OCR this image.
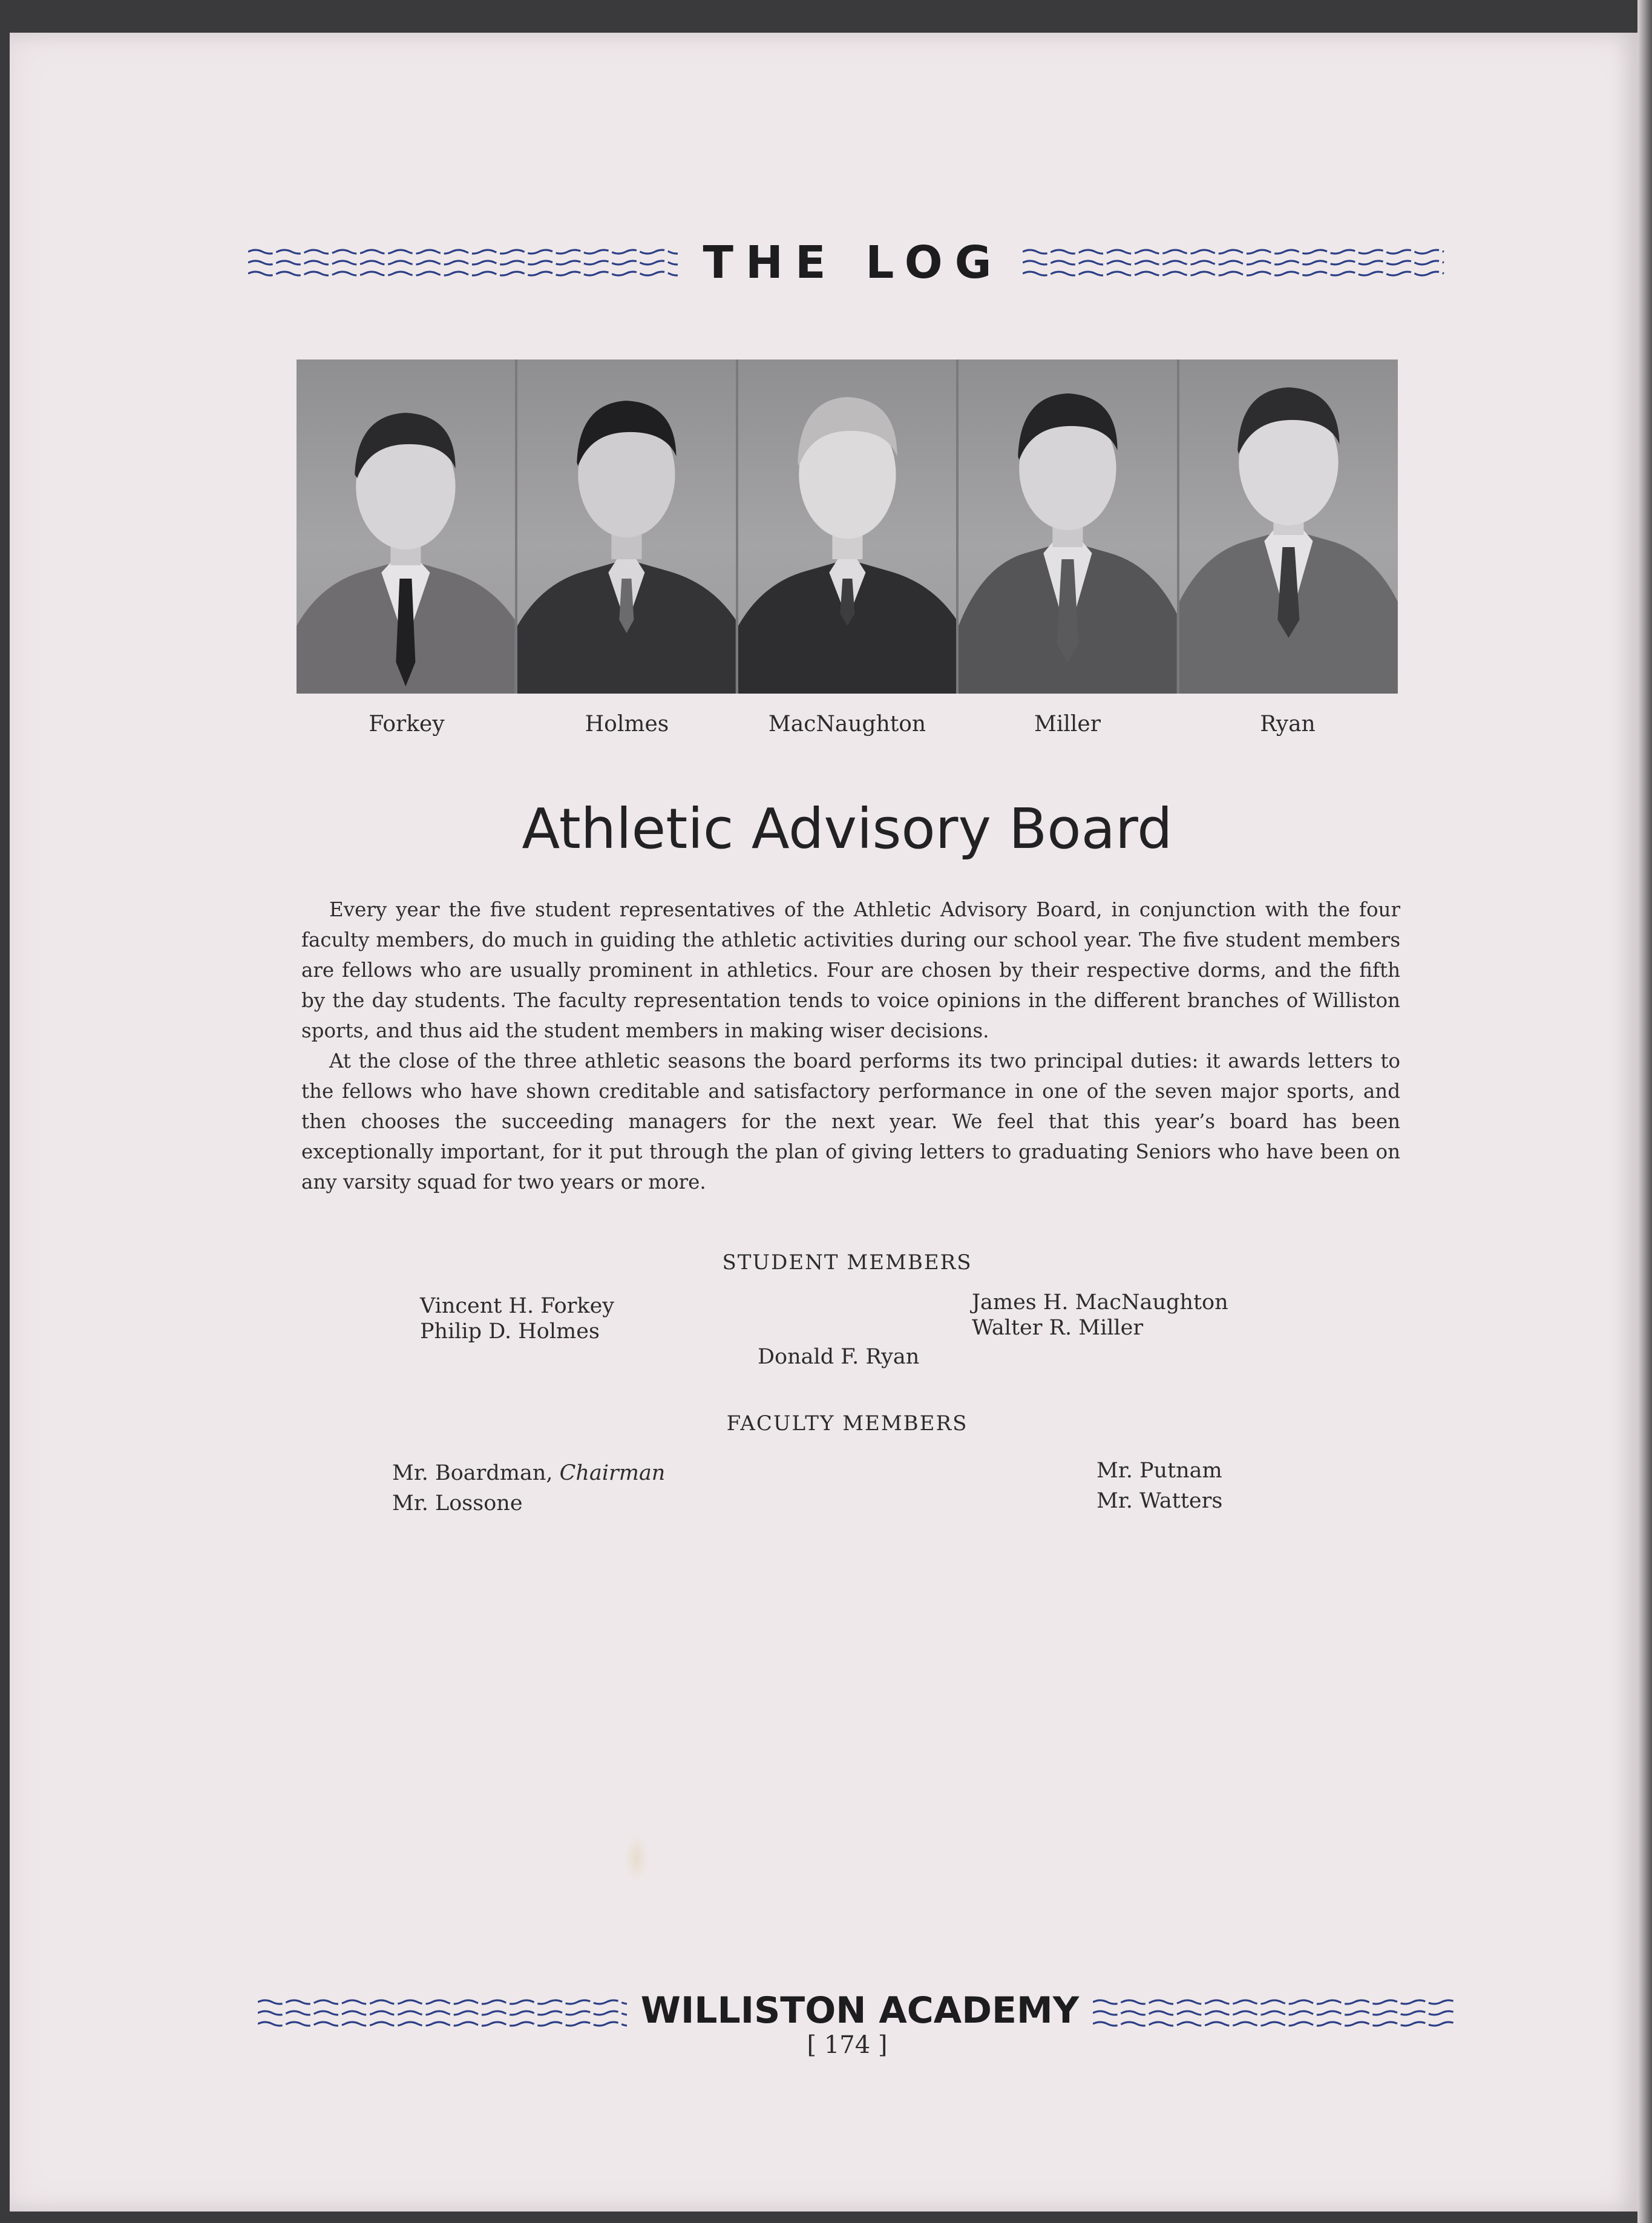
THE LOG
Forkey	Holmes	MacNaughton	Miller	Ryan
Athletic Advisory Board

Every year the five student representatives of the Athletic Advisory Board, in conjunction with the four faculty members, do much in guiding the athletic activities during our school year. The five student members are fellows who are usually prominent in athletics. Four are chosen by their respective dorms, and the fifth by the day students. The faculty representation tends to voice opinions in the different branches of Williston sports, and thus aid the student members in making wiser decisions.

At the close of the three athletic seasons the board performs its two principal duties: it awards letters to the fellows who have shown creditable and satisfactory performance in one of the seven major sports, and then chooses the succeeding managers for the next year. We feel that this year’s board has been exceptionally important, for it put through the plan of giving letters to graduating Seniors who have been on any varsity squad for two years or more.

STUDENT MEMBERS
Vincent H. Forkey
Philip D. Holmes
James H. MacNaughton
Walter R. Miller
Donald F. Ryan
FACULTY MEMBERS
Mr. Boardman, Chairman
Mr. Lossone
Mr. Putnam
Mr. Watters
WILLISTON ACADEMY
[ 174 ]
